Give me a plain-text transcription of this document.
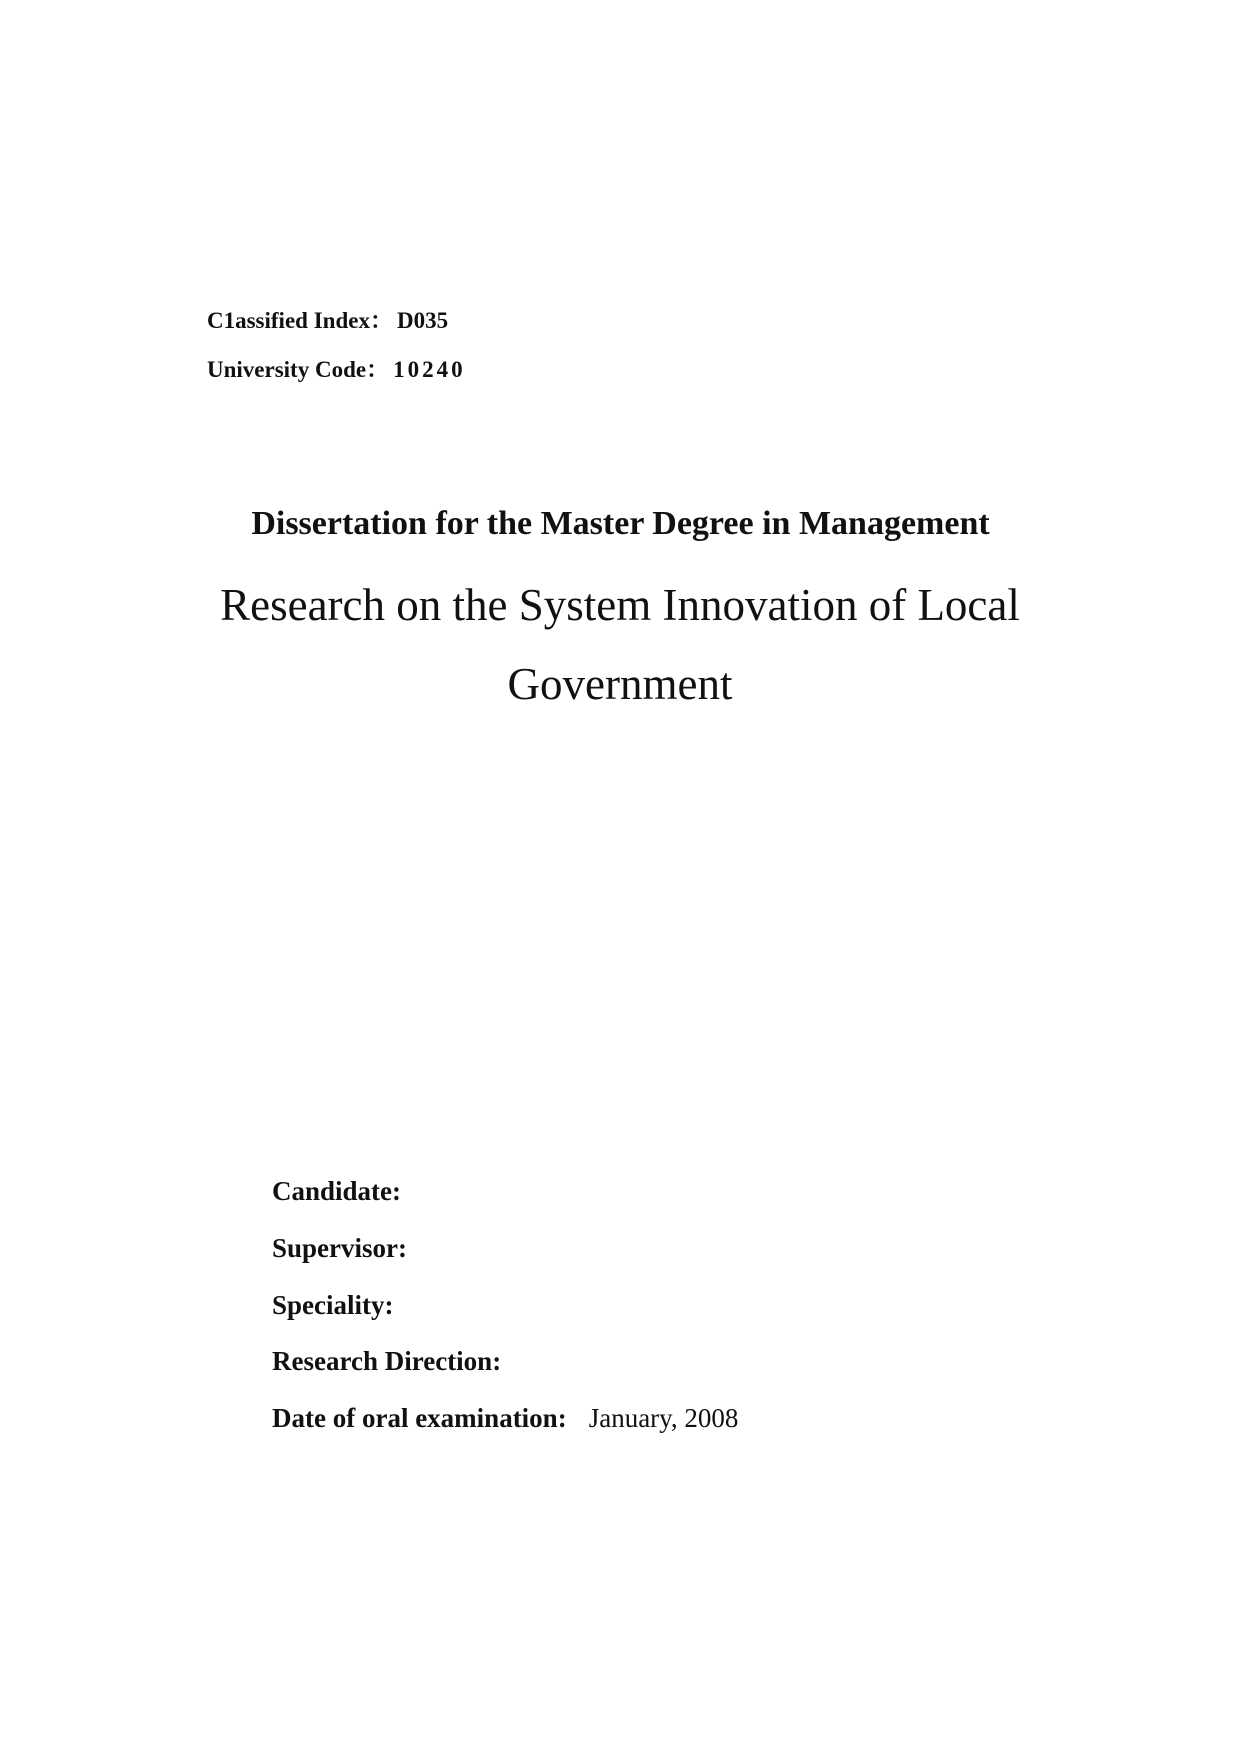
C1assified Index： D035
University Code： 10240
Dissertation for the Master Degree in Management
Research on the System Innovation of Local Government
Candidate:
Supervisor:
Speciality:
Research Direction:
Date of oral examination: January, 2008
